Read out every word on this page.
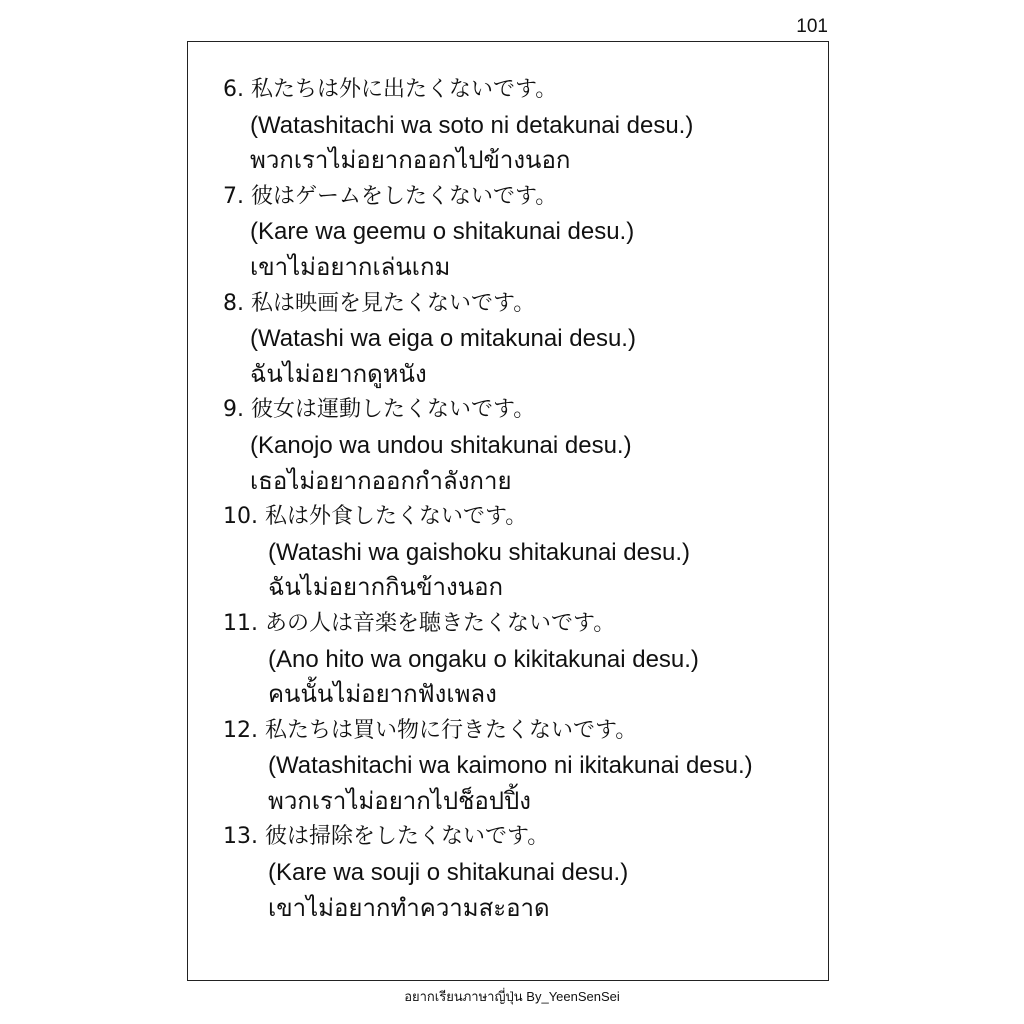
101
6. 私たちは外に出たくないです。
(Watashitachi wa soto ni detakunai desu.)
พวกเราไม่อยากออกไปข้างนอก
7. 彼はゲームをしたくないです。
(Kare wa geemu o shitakunai desu.)
เขาไม่อยากเล่นเกม
8. 私は映画を見たくないです。
(Watashi wa eiga o mitakunai desu.)
ฉันไม่อยากดูหนัง
9. 彼女は運動したくないです。
(Kanojo wa undou shitakunai desu.)
เธอไม่อยากออกกำลังกาย
10. 私は外食したくないです。
(Watashi wa gaishoku shitakunai desu.)
ฉันไม่อยากกินข้างนอก
11. あの人は音楽を聴きたくないです。
(Ano hito wa ongaku o kikitakunai desu.)
คนนั้นไม่อยากฟังเพลง
12. 私たちは買い物に行きたくないです。
(Watashitachi wa kaimono ni ikitakunai desu.)
พวกเราไม่อยากไปช็อปปิ้ง
13. 彼は掃除をしたくないです。
(Kare wa souji o shitakunai desu.)
เขาไม่อยากทำความสะอาด
อยากเรียนภาษาญี่ปุ่น By_YeenSenSei
